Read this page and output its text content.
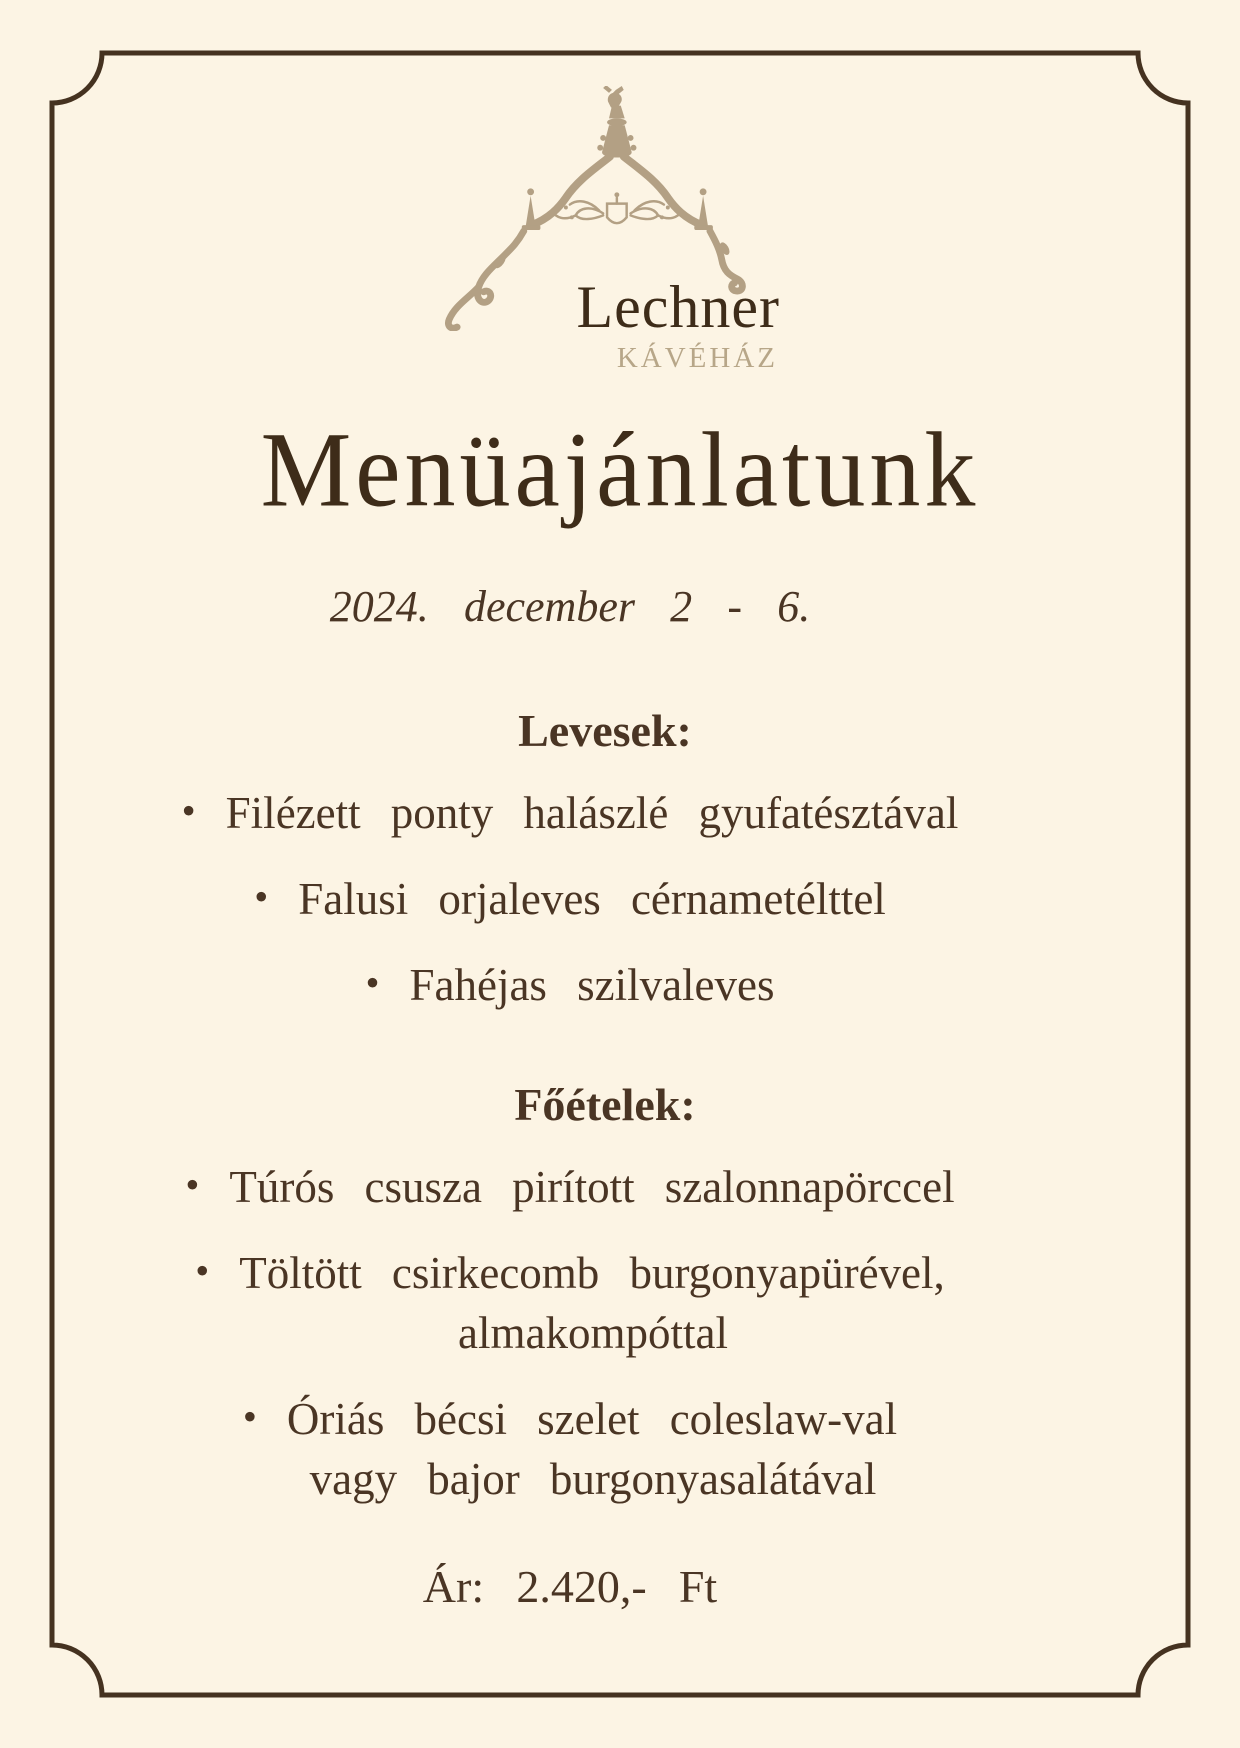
Lechner
KÁVÉHÁZ
Menüajánlatunk
2024. december 2 - 6.
Levesek:
• Filézett ponty halászlé gyufatésztával
• Falusi orjaleves cérnametélttel
• Fahéjas szilvaleves
Főételek:
• Túrós csusza pirított szalonnapörccel
• Töltött csirkecomb burgonyapürével,
almakompóttal
• Óriás bécsi szelet coleslaw-val
vagy bajor burgonyasalátával
Ár: 2.420,- Ft
